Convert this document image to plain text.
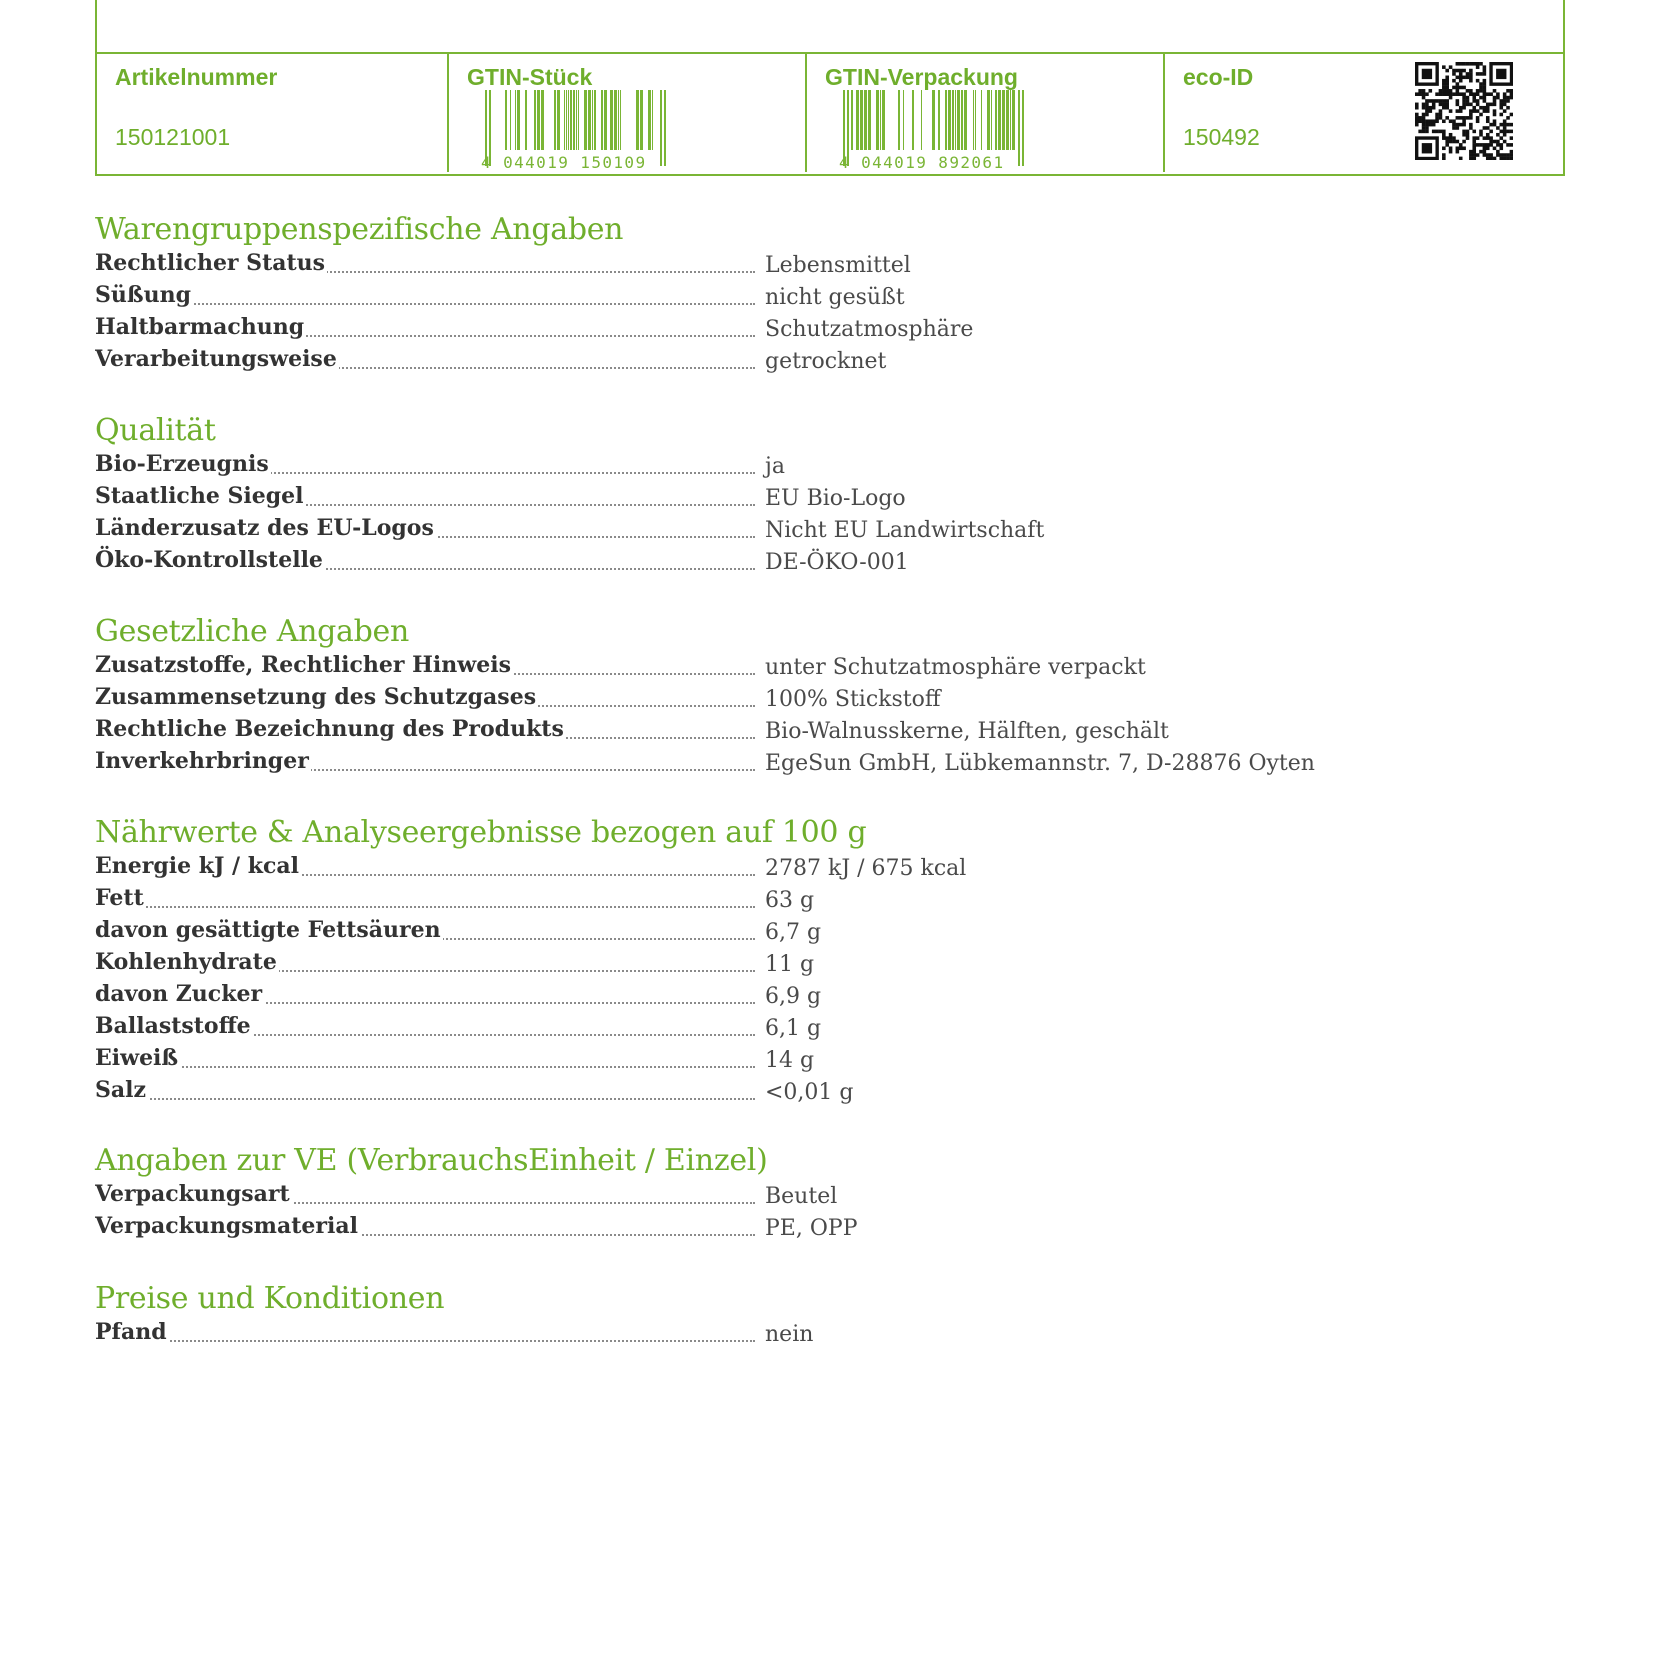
Artikelnummer
150121001
GTIN-Stück
4 044019 150109
GTIN-Verpackung
4 044019 892061
eco-ID
150492
Warengruppenspezifische Angaben
Rechtlicher Status	Lebensmittel
Süßung	nicht gesüßt
Haltbarmachung	Schutzatmosphäre
Verarbeitungsweise	getrocknet
Qualität
Bio-Erzeugnis	ja
Staatliche Siegel	EU Bio-Logo
Länderzusatz des EU-Logos	Nicht EU Landwirtschaft
Öko-Kontrollstelle	DE-ÖKO-001
Gesetzliche Angaben
Zusatzstoffe, Rechtlicher Hinweis	unter Schutzatmosphäre verpackt
Zusammensetzung des Schutzgases	100% Stickstoff
Rechtliche Bezeichnung des Produkts	Bio-Walnusskerne, Hälften, geschält
Inverkehrbringer	EgeSun GmbH, Lübkemannstr. 7, D-28876 Oyten
Nährwerte & Analyseergebnisse bezogen auf 100 g
Energie kJ / kcal	2787 kJ / 675 kcal
Fett	63 g
davon gesättigte Fettsäuren	6,7 g
Kohlenhydrate	11 g
davon Zucker	6,9 g
Ballaststoffe	6,1 g
Eiweiß	14 g
Salz	<0,01 g
Angaben zur VE (VerbrauchsEinheit / Einzel)
Verpackungsart	Beutel
Verpackungsmaterial	PE, OPP
Preise und Konditionen
Pfand	nein
